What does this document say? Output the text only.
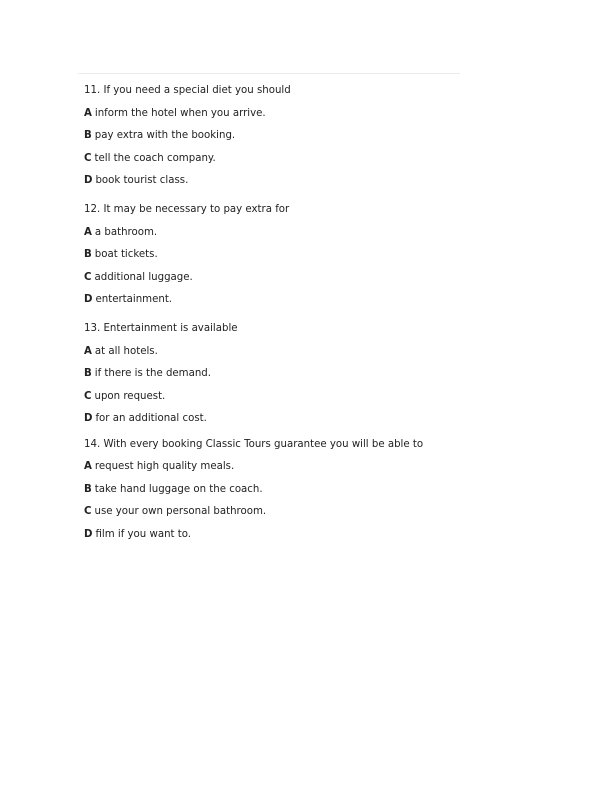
11. If you need a special diet you should
A inform the hotel when you arrive.
B pay extra with the booking.
C tell the coach company.
D book tourist class.
12. It may be necessary to pay extra for
A a bathroom.
B boat tickets.
C additional luggage.
D entertainment.
13. Entertainment is available
A at all hotels.
B if there is the demand.
C upon request.
D for an additional cost.
14. With every booking Classic Tours guarantee you will be able to
A request high quality meals.
B take hand luggage on the coach.
C use your own personal bathroom.
D film if you want to.
